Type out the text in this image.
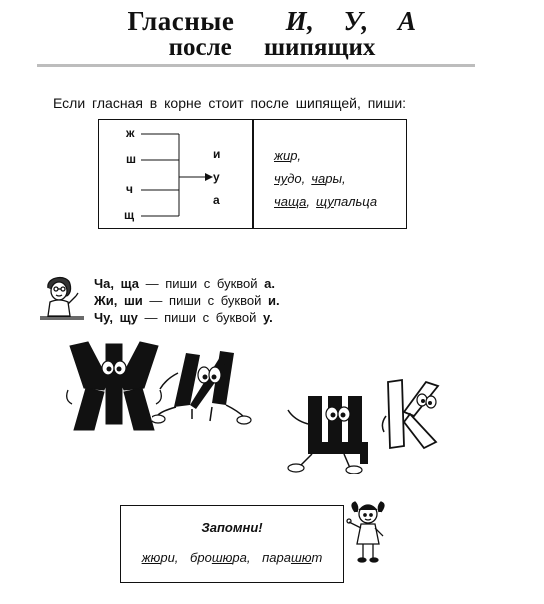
Гласные И, У, А
после шипящих
Если гласная в корне стоит после шипящей, пиши:
ж
ш
ч
щ
и
у
а
жир,
чудо, чары,
чаща, щупальца
Ча, ща — пиши с буквой а.
Жи, ши — пиши с буквой и.
Чу, щу — пиши с буквой у.
Запомни!
жюри, брошюра, парашют
